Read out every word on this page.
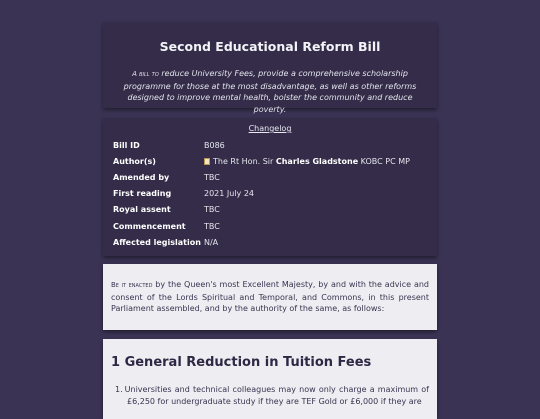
Second Educational Reform Bill
A bill to reduce University Fees, provide a comprehensive scholarship programme for those at the most disadvantage, as well as other reforms designed to improve mental health, bolster the community and reduce poverty.
Changelog
Bill ID	B086
Author(s)	The Rt Hon. Sir Charles Gladstone KOBC PC MP
Amended by	TBC
First reading	2021 July 24
Royal assent	TBC
Commencement	TBC
Affected legislation N/A
Be it enacted by the Queen's most Excellent Majesty, by and with the advice and consent of the Lords Spiritual and Temporal, and Commons, in this present Parliament assembled, and by the authority of the same, as follows:
1 General Reduction in Tuition Fees

1. Universities and technical colleagues may now only charge a maximum of £6,250 for undergraduate study if they are TEF Gold or £6,000 if they are
